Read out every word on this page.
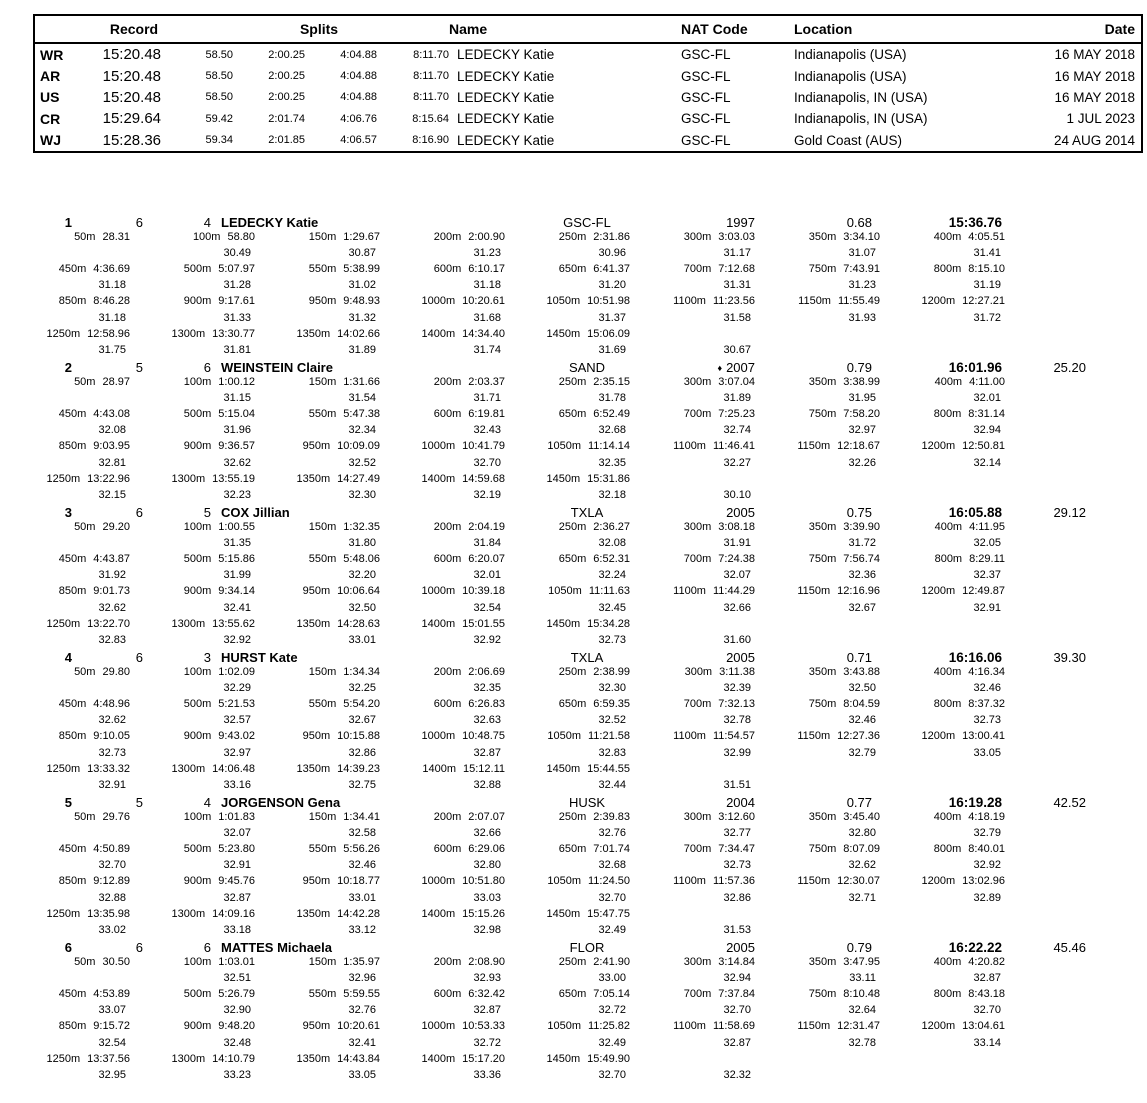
Record	Splits	Name	NAT Code	Location	Date
WR	15:20.48	58.50	2:00.25	4:04.88	8:11.70 LEDECKY Katie	GSC-FL	Indianapolis (USA)	16 MAY 2018
AR	15:20.48	58.50	2:00.25	4:04.88	8:11.70 LEDECKY Katie	GSC-FL	Indianapolis (USA)	16 MAY 2018
US	15:20.48	58.50	2:00.25	4:04.88	8:11.70 LEDECKY Katie	GSC-FL	Indianapolis, IN (USA)	16 MAY 2018
CR	15:29.64	59.42	2:01.74	4:06.76	8:15.64 LEDECKY Katie	GSC-FL	Indianapolis, IN (USA)	1 JUL 2023
WJ	15:28.36	59.34	2:01.85	4:06.57	8:16.90 LEDECKY Katie	GSC-FL	Gold Coast (AUS)	24 AUG 2014
1	6	4 LEDECKY Katie	GSC-FL	1997	0.68	15:36.76
50m 28.31	100m 58.80	150m 1:29.67	200m 2:00.90	250m 2:31.86	300m 3:03.03	350m 3:34.10	400m 4:05.51
30.49	30.87	31.23	30.96	31.17	31.07	31.41
450m 4:36.69	500m 5:07.97	550m 5:38.99	600m 6:10.17	650m 6:41.37	700m 7:12.68	750m 7:43.91	800m 8:15.10
31.18	31.28	31.02	31.18	31.20	31.31	31.23	31.19
850m 8:46.28	900m 9:17.61	950m 9:48.93	1000m 10:20.61	1050m 10:51.98	1100m 11:23.56	1150m 11:55.49	1200m 12:27.21
31.18	31.33	31.32	31.68	31.37	31.58	31.93	31.72
1250m 12:58.96	1300m 13:30.77	1350m 14:02.66	1400m 14:34.40	1450m 15:06.09
31.75	31.81	31.89	31.74	31.69	30.67
2	5	6 WEINSTEIN Claire	SAND	♦ 2007	0.79	16:01.96	25.20
50m 28.97	100m 1:00.12	150m 1:31.66	200m 2:03.37	250m 2:35.15	300m 3:07.04	350m 3:38.99	400m 4:11.00
31.15	31.54	31.71	31.78	31.89	31.95	32.01
450m 4:43.08	500m 5:15.04	550m 5:47.38	600m 6:19.81	650m 6:52.49	700m 7:25.23	750m 7:58.20	800m 8:31.14
32.08	31.96	32.34	32.43	32.68	32.74	32.97	32.94
850m 9:03.95	900m 9:36.57	950m 10:09.09	1000m 10:41.79	1050m 11:14.14	1100m 11:46.41	1150m 12:18.67	1200m 12:50.81
32.81	32.62	32.52	32.70	32.35	32.27	32.26	32.14
1250m 13:22.96	1300m 13:55.19	1350m 14:27.49	1400m 14:59.68	1450m 15:31.86
32.15	32.23	32.30	32.19	32.18	30.10
3	6	5 COX Jillian	TXLA	2005	0.75	16:05.88	29.12
50m 29.20	100m 1:00.55	150m 1:32.35	200m 2:04.19	250m 2:36.27	300m 3:08.18	350m 3:39.90	400m 4:11.95
31.35	31.80	31.84	32.08	31.91	31.72	32.05
450m 4:43.87	500m 5:15.86	550m 5:48.06	600m 6:20.07	650m 6:52.31	700m 7:24.38	750m 7:56.74	800m 8:29.11
31.92	31.99	32.20	32.01	32.24	32.07	32.36	32.37
850m 9:01.73	900m 9:34.14	950m 10:06.64	1000m 10:39.18	1050m 11:11.63	1100m 11:44.29	1150m 12:16.96	1200m 12:49.87
32.62	32.41	32.50	32.54	32.45	32.66	32.67	32.91
1250m 13:22.70	1300m 13:55.62	1350m 14:28.63	1400m 15:01.55	1450m 15:34.28
32.83	32.92	33.01	32.92	32.73	31.60
4	6	3 HURST Kate	TXLA	2005	0.71	16:16.06	39.30
50m 29.80	100m 1:02.09	150m 1:34.34	200m 2:06.69	250m 2:38.99	300m 3:11.38	350m 3:43.88	400m 4:16.34
32.29	32.25	32.35	32.30	32.39	32.50	32.46
450m 4:48.96	500m 5:21.53	550m 5:54.20	600m 6:26.83	650m 6:59.35	700m 7:32.13	750m 8:04.59	800m 8:37.32
32.62	32.57	32.67	32.63	32.52	32.78	32.46	32.73
850m 9:10.05	900m 9:43.02	950m 10:15.88	1000m 10:48.75	1050m 11:21.58	1100m 11:54.57	1150m 12:27.36	1200m 13:00.41
32.73	32.97	32.86	32.87	32.83	32.99	32.79	33.05
1250m 13:33.32	1300m 14:06.48	1350m 14:39.23	1400m 15:12.11	1450m 15:44.55
32.91	33.16	32.75	32.88	32.44	31.51
5	5	4 JORGENSON Gena	HUSK	2004	0.77	16:19.28	42.52
50m 29.76	100m 1:01.83	150m 1:34.41	200m 2:07.07	250m 2:39.83	300m 3:12.60	350m 3:45.40	400m 4:18.19
32.07	32.58	32.66	32.76	32.77	32.80	32.79
450m 4:50.89	500m 5:23.80	550m 5:56.26	600m 6:29.06	650m 7:01.74	700m 7:34.47	750m 8:07.09	800m 8:40.01
32.70	32.91	32.46	32.80	32.68	32.73	32.62	32.92
850m 9:12.89	900m 9:45.76	950m 10:18.77	1000m 10:51.80	1050m 11:24.50	1100m 11:57.36	1150m 12:30.07	1200m 13:02.96
32.88	32.87	33.01	33.03	32.70	32.86	32.71	32.89
1250m 13:35.98	1300m 14:09.16	1350m 14:42.28	1400m 15:15.26	1450m 15:47.75
33.02	33.18	33.12	32.98	32.49	31.53
6	6	6 MATTES Michaela	FLOR	2005	0.79	16:22.22	45.46
50m 30.50	100m 1:03.01	150m 1:35.97	200m 2:08.90	250m 2:41.90	300m 3:14.84	350m 3:47.95	400m 4:20.82
32.51	32.96	32.93	33.00	32.94	33.11	32.87
450m 4:53.89	500m 5:26.79	550m 5:59.55	600m 6:32.42	650m 7:05.14	700m 7:37.84	750m 8:10.48	800m 8:43.18
33.07	32.90	32.76	32.87	32.72	32.70	32.64	32.70
850m 9:15.72	900m 9:48.20	950m 10:20.61	1000m 10:53.33	1050m 11:25.82	1100m 11:58.69	1150m 12:31.47	1200m 13:04.61
32.54	32.48	32.41	32.72	32.49	32.87	32.78	33.14
1250m 13:37.56	1300m 14:10.79	1350m 14:43.84	1400m 15:17.20	1450m 15:49.90
32.95	33.23	33.05	33.36	32.70	32.32
